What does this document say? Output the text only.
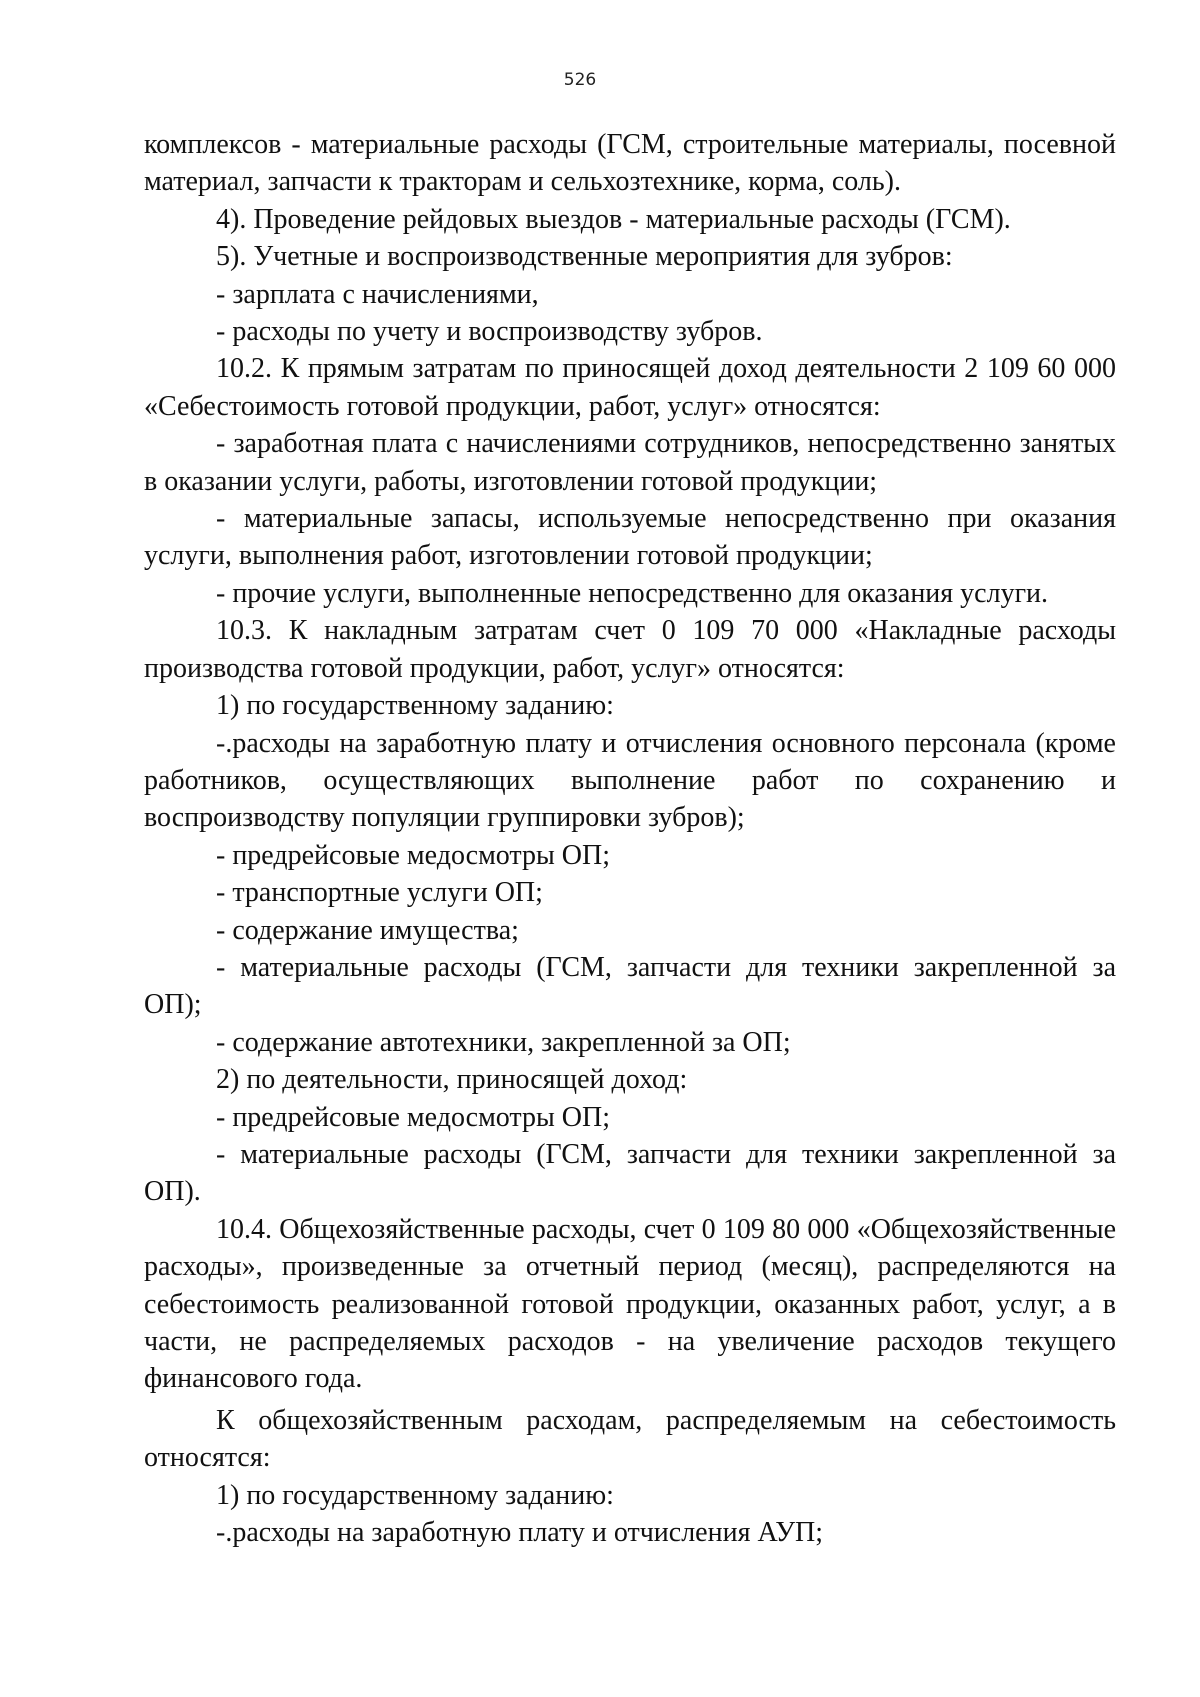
526

комплексов - материальные расходы (ГСМ, строительные материалы, посевной материал, запчасти к тракторам и сельхозтехнике, корма, соль).

4). Проведение рейдовых выездов - материальные расходы (ГСМ).

5). Учетные и воспроизводственные мероприятия для зубров:

- зарплата с начислениями,

- расходы по учету и воспроизводству зубров.

10.2. К прямым затратам по приносящей доход деятельности 2 109 60 000 «Себестоимость готовой продукции, работ, услуг» относятся:

- заработная плата с начислениями сотрудников, непосредственно занятых в оказании услуги, работы, изготовлении готовой продукции;

- материальные запасы, используемые непосредственно при оказания услуги, выполнения работ, изготовлении готовой продукции;

- прочие услуги, выполненные непосредственно для оказания услуги.

10.3. К накладным затратам счет 0 109 70 000 «Накладные расходы производства готовой продукции, работ, услуг» относятся:

1) по государственному заданию:

-.расходы на заработную плату и отчисления основного персонала (кроме работников, осуществляющих выполнение работ по сохранению и воспроизводству популяции группировки зубров);

- предрейсовые медосмотры ОП;

- транспортные услуги ОП;

- содержание имущества;

- материальные расходы (ГСМ, запчасти для техники закрепленной за ОП);

- содержание автотехники, закрепленной за ОП;

2) по деятельности, приносящей доход:

- предрейсовые медосмотры ОП;

- материальные расходы (ГСМ, запчасти для техники закрепленной за ОП).

10.4. Общехозяйственные расходы, счет 0 109 80 000 «Общехозяйственные расходы», произведенные за отчетный период (месяц), распределяются на себестоимость реализованной готовой продукции, оказанных работ, услуг, а в части, не распределяемых расходов - на увеличение расходов текущего финансового года.

К общехозяйственным расходам, распределяемым на себестоимость относятся:

1) по государственному заданию:

-.расходы на заработную плату и отчисления АУП;
